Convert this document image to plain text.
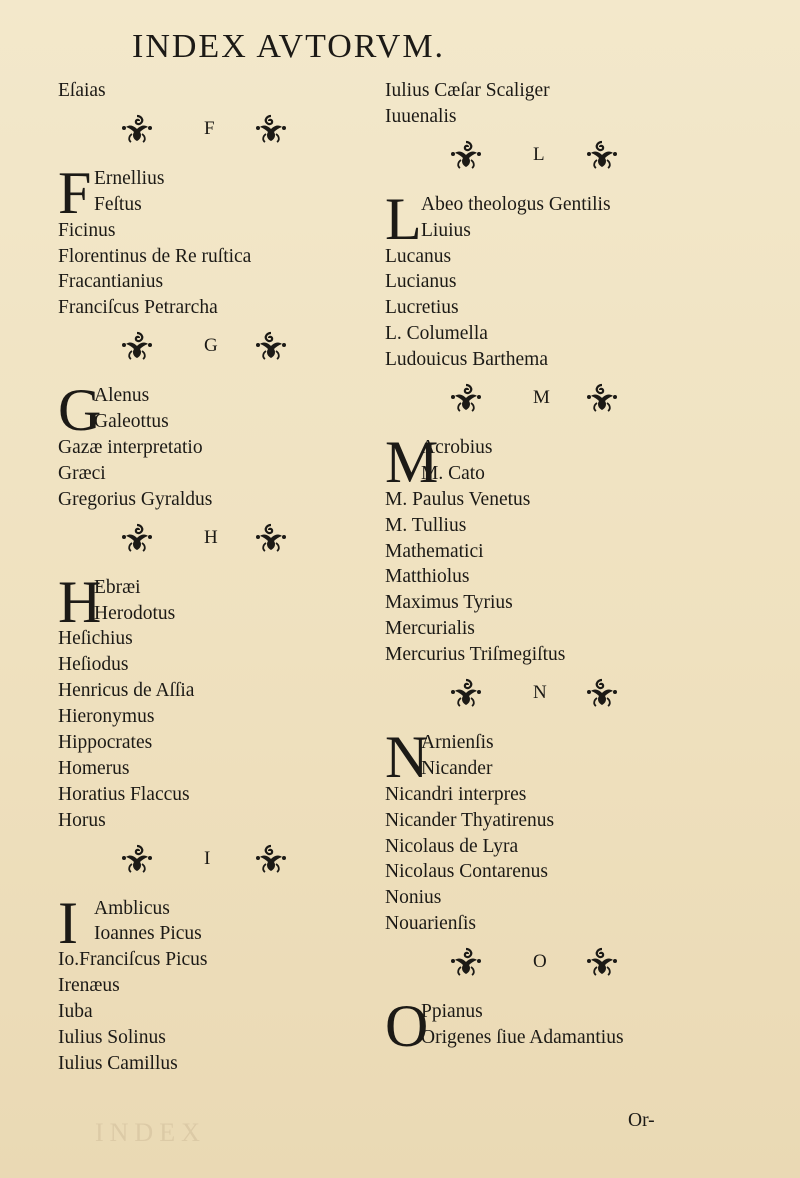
INDEX
INDEX AVTORVM.
Eſaias
F
F Ernellius
Feſtus
Ficinus
Florentinus de Re ruſtica
Fracantianius
Franciſcus Petrarcha
G
G
Alenus
Galeottus
Gazæ interpretatio
Græci
Gregorius Gyraldus
H
H
Ebræi
Herodotus
Heſichius
Heſiodus
Henricus de Aſſia
Hieronymus
Hippocrates
Homerus
Horatius Flaccus
Horus
I
I Amblicus
Ioannes Picus
Io.Franciſcus Picus
Irenæus
Iuba
Iulius Solinus
Iulius Camillus
Iulius Cæſar Scaliger
Iuuenalis
L
L Abeo theologus Gentilis
Liuius
Lucanus
Lucianus
Lucretius
L. Columella
Ludouicus Barthema
M
M
Acrobius
M. Cato
M. Paulus Venetus
M. Tullius
Mathematici
Matthiolus
Maximus Tyrius
Mercurialis
Mercurius Triſmegiſtus
N
N
Arnienſis
Nicander
Nicandri interpres
Nicander Thyatirenus
Nicolaus de Lyra
Nicolaus Contarenus
Nonius
Nouarienſis
O
O
Ppianus
Origenes ſiue Adamantius
Or-
